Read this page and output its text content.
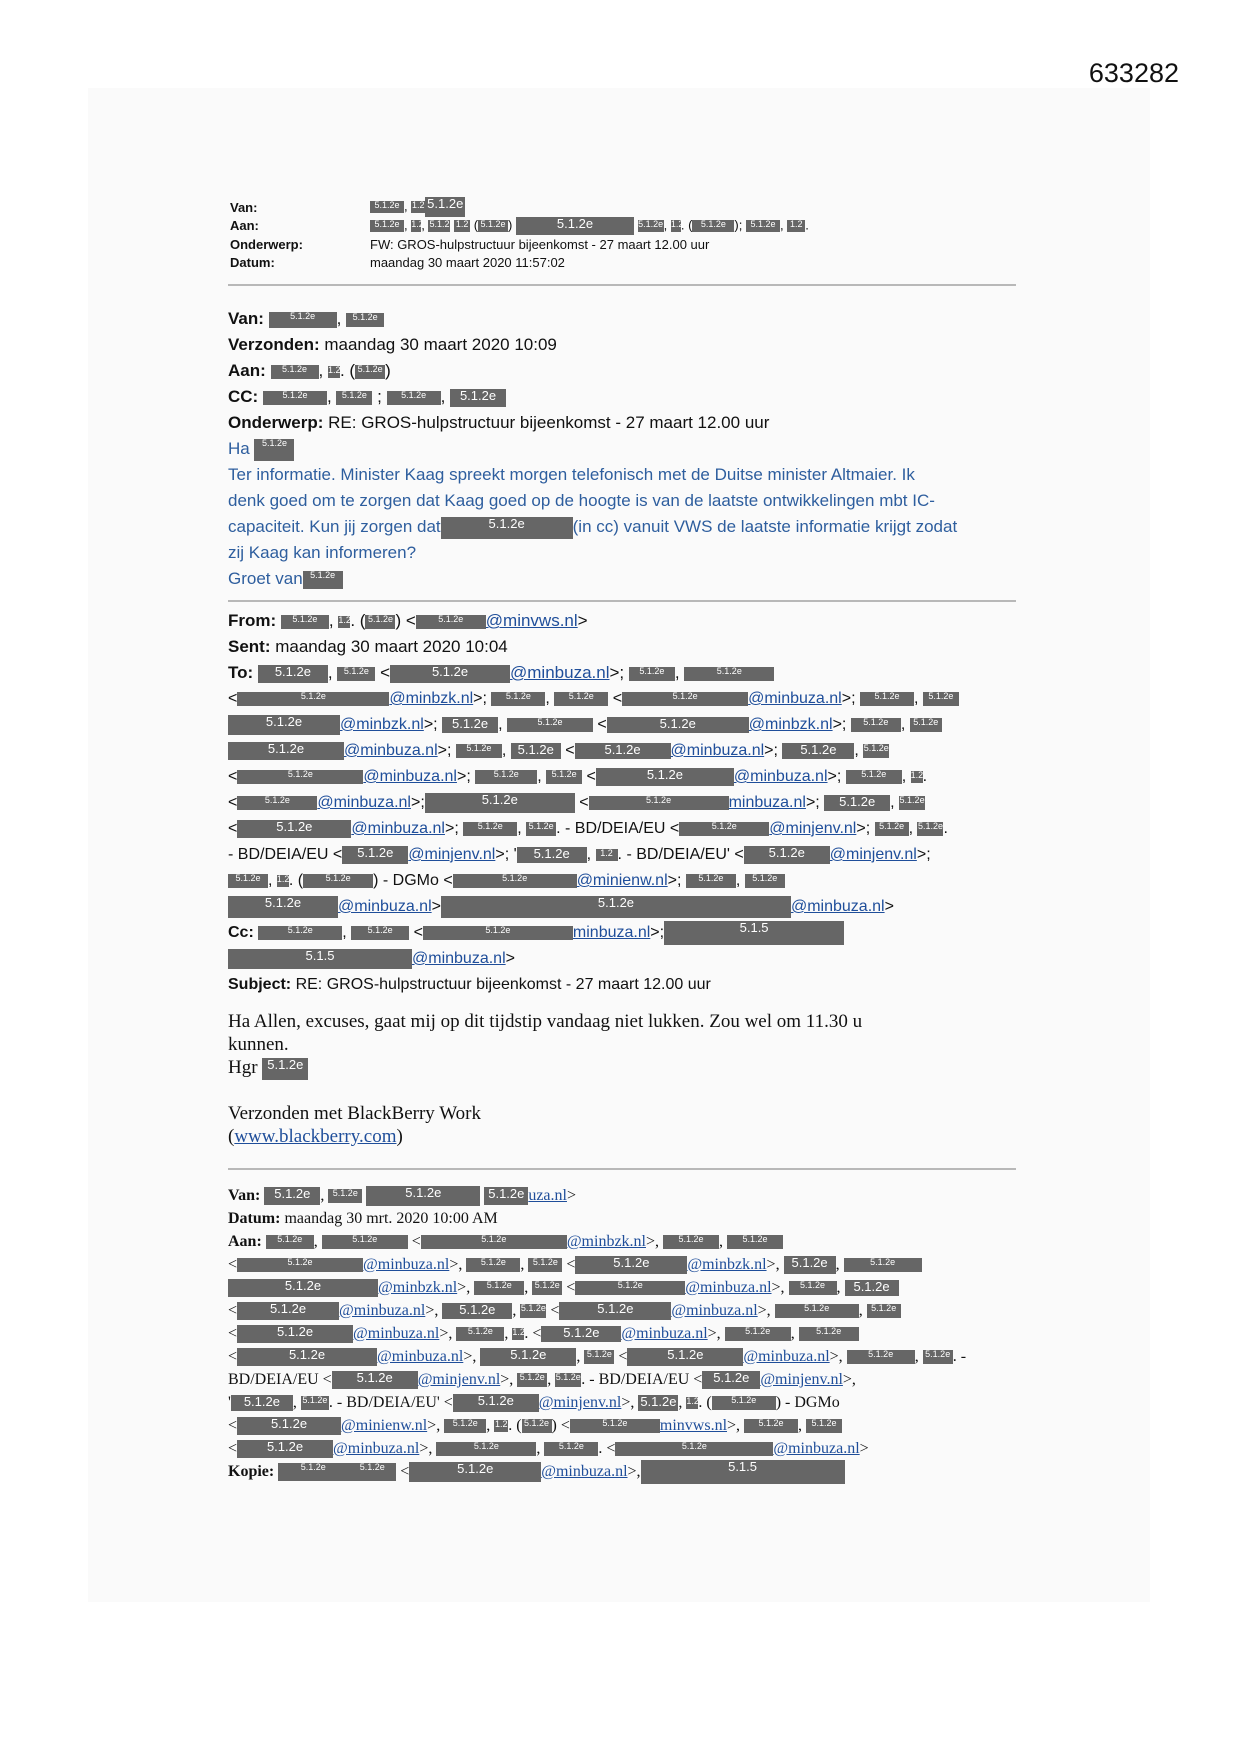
633282
Van:	5.1.2e , 1.2 5.1.2e
Aan:	5.1.2e , 1.2, 5.1.2 1.2 ( 5.1.2e )	5.1.2e	5.1.2e, 1.2. ( 5.1.2e ); 5.1.2e , 1.2 .
Onderwerp:	FW: GROS-hulpstructuur bijeenkomst - 27 maart 12.00 uur
Datum:	maandag 30 maart 2020 11:57:02
Van:	5.1.2e , 5.1.2e
Verzonden: maandag 30 maart 2020 10:09
Aan: 5.1.2e , 1.2. ( 5.1.2e )
CC:	5.1.2e , 5.1.2e ; 5.1.2e , 5.1.2e
Onderwerp: RE: GROS-hulpstructuur bijeenkomst - 27 maart 12.00 uur
Ha 5.1.2e
Ter informatie. Minister Kaag spreekt morgen telefonisch met de Duitse minister Altmaier. Ik
denk goed om te zorgen dat Kaag goed op de hoogte is van de laatste ontwikkelingen mbt IC-
capaciteit. Kun jij zorgen dat	5.1.2e	(in cc) vanuit VWS de laatste informatie krijgt zodat
zij Kaag kan informeren?
Groet van 5.1.2e
From: 5.1.2e , 1.2. ( 5.1.2e ) < 5.1.2e @minvws.nl>
Sent: maandag 30 maart 2020 10:04
To: 5.1.2e , 5.1.2e <	5.1.2e @minbuza.nl>; 5.1.2e ,	5.1.2e
<	5.1.2e	@minbzk.nl>; 5.1.2e , 5.1.2e <	5.1.2e	@minbuza.nl>; 5.1.2e , 5.1.2e
5.1.2e @minbzk.nl>; 5.1.2e ,	5.1.2e <	5.1.2e	@minbzk.nl>; 5.1.2e , 5.1.2e
5.1.2e @minbuza.nl>; 5.1.2e , 5.1.2e < 5.1.2e @minbuza.nl>; 5.1.2e , 5.1.2e
<	5.1.2e	@minbuza.nl>; 5.1.2e , 5.1.2e <	5.1.2e	@minbuza.nl>; 5.1.2e , 1.2.
<	5.1.2e @minbuza.nl>;	5.1.2e	<	5.1.2e	minbuza.nl>; 5.1.2e , 5.1.2e
<	5.1.2e @minbuza.nl>; 5.1.2e , 5.1.2e . - BD/DEIA/EU <	5.1.2e @minjenv.nl>; 5.1.2e , 5.1.2e.
- BD/DEIA/EU < 5.1.2e @minjenv.nl>; ' 5.1.2e , 1.2 . - BD/DEIA/EU' < 5.1.2e @minjenv.nl>;
5.1.2e , 1.2. ( 5.1.2e ) - DGMo <	5.1.2e	@minienw.nl>; 5.1.2e , 5.1.2e
5.1.2e @minbuza.nl>	5.1.2e	@minbuza.nl>
Cc:	5.1.2e , 5.1.2e <	5.1.2e	minbuza.nl>;	5.1.5
5.1.5	@minbuza.nl>
Subject: RE: GROS-hulpstructuur bijeenkomst - 27 maart 12.00 uur
Ha Allen, excuses, gaat mij op dit tijdstip vandaag niet lukken. Zou wel om 11.30 u
kunnen.
Hgr 5.1.2e
Verzonden met BlackBerry Work
(www.blackberry.com)
Van: 5.1.2e , 5.1.2e	5.1.2e	5.1.2e uza.nl>
Datum: maandag 30 mrt. 2020 10:00 AM
Aan: 5.1.2e ,	5.1.2e <	5.1.2e	@minbzk.nl>, 5.1.2e , 5.1.2e
<	5.1.2e	@minbuza.nl>, 5.1.2e , 5.1.2e <	5.1.2e @minbzk.nl>, 5.1.2e ,	5.1.2e
5.1.2e	@minbzk.nl>, 5.1.2e , 5.1.2e <	5.1.2e	@minbuza.nl>, 5.1.2e , 5.1.2e
<	5.1.2e @minbuza.nl>, 5.1.2e , 5.1.2e <	5.1.2e @minbuza.nl>,	5.1.2e , 5.1.2e
<	5.1.2e @minbuza.nl>, 5.1.2e , 1.2. < 5.1.2e @minbuza.nl>, 5.1.2e , 5.1.2e
<	5.1.2e	@minbuza.nl>, 5.1.2e , 5.1.2e <	5.1.2e @minbuza.nl>, 5.1.2e , 5.1.2e . -
BD/DEIA/EU < 5.1.2e @minjenv.nl>, 5.1.2e , 5.1.2e. - BD/DEIA/EU < 5.1.2e @minjenv.nl>,
' 5.1.2e , 5.1.2e. - BD/DEIA/EU' < 5.1.2e @minjenv.nl>, 5.1.2e , 1.2. ( 5.1.2e ) - DGMo
<	5.1.2e @minienw.nl>, 5.1.2e , 1.2. ( 5.1.2e ) <	5.1.2e minvws.nl>, 5.1.2e , 5.1.2e
< 5.1.2e @minbuza.nl>,	5.1.2e , 5.1.2e . <	5.1.2e	@minbuza.nl>
Kopie:	5.1.2e	5.1.2e <	5.1.2e	@minbuza.nl>,	5.1.5
